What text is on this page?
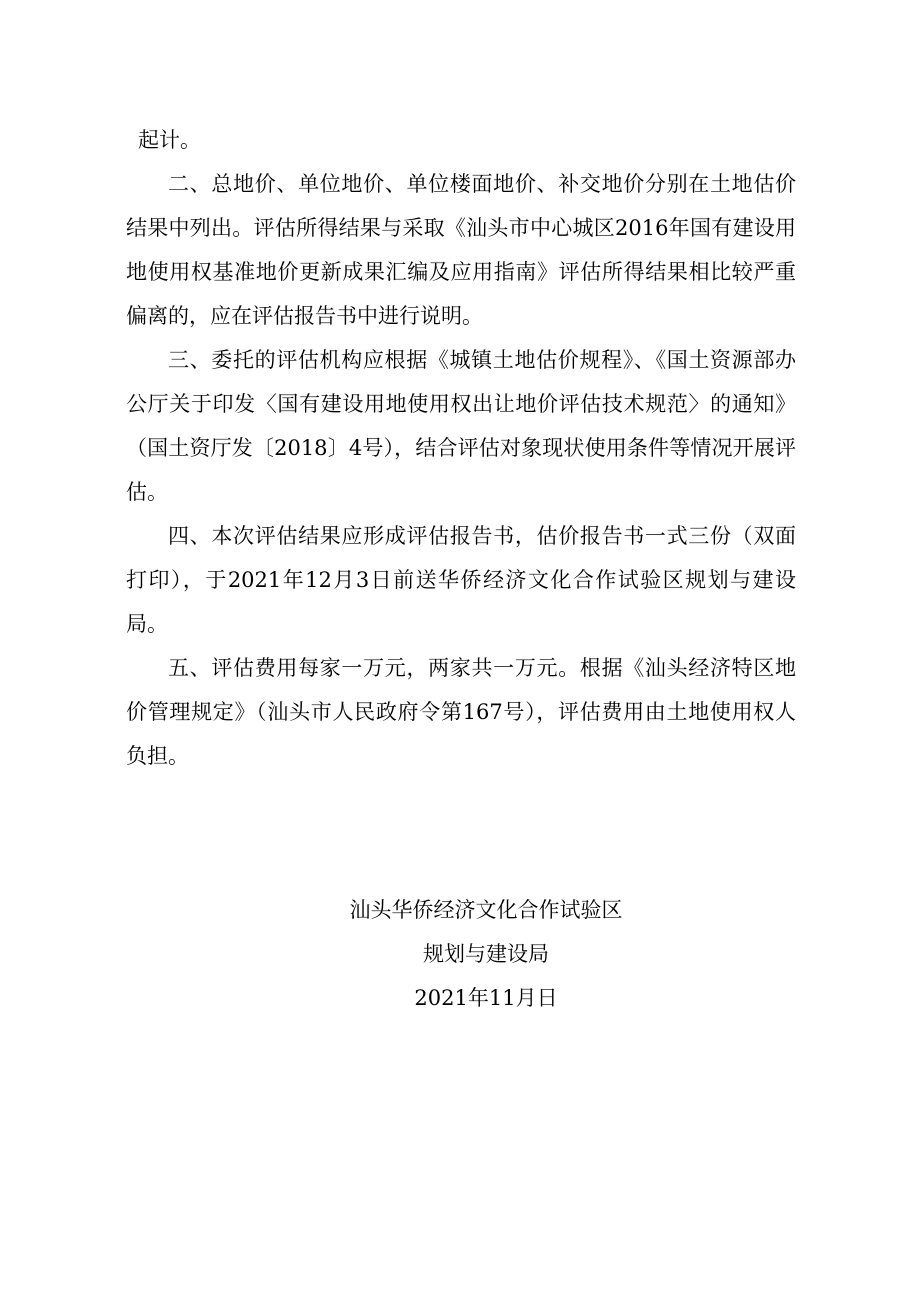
起计。

二、总地价、单位地价、单位楼面地价、补交地价分别在土地估价结果中列出。评估所得结果与采取《汕头市中心城区2016年国有建设用地使用权基准地价更新成果汇编及应用指南》评估所得结果相比较严重偏离的，应在评估报告书中进行说明。

三、委托的评估机构应根据《城镇土地估价规程》、《国土资源部办公厅关于印发〈国有建设用地使用权出让地价评估技术规范〉的通知》（国土资厅发〔2018〕4号），结合评估对象现状使用条件等情况开展评估。

四、本次评估结果应形成评估报告书，估价报告书一式三份（双面打印），于2021年12月3日前送华侨经济文化合作试验区规划与建设局。

五、评估费用每家一万元，两家共一万元。根据《汕头经济特区地价管理规定》（汕头市人民政府令第167号），评估费用由土地使用权人负担。

汕头华侨经济文化合作试验区
规划与建设局
2021年11月日
